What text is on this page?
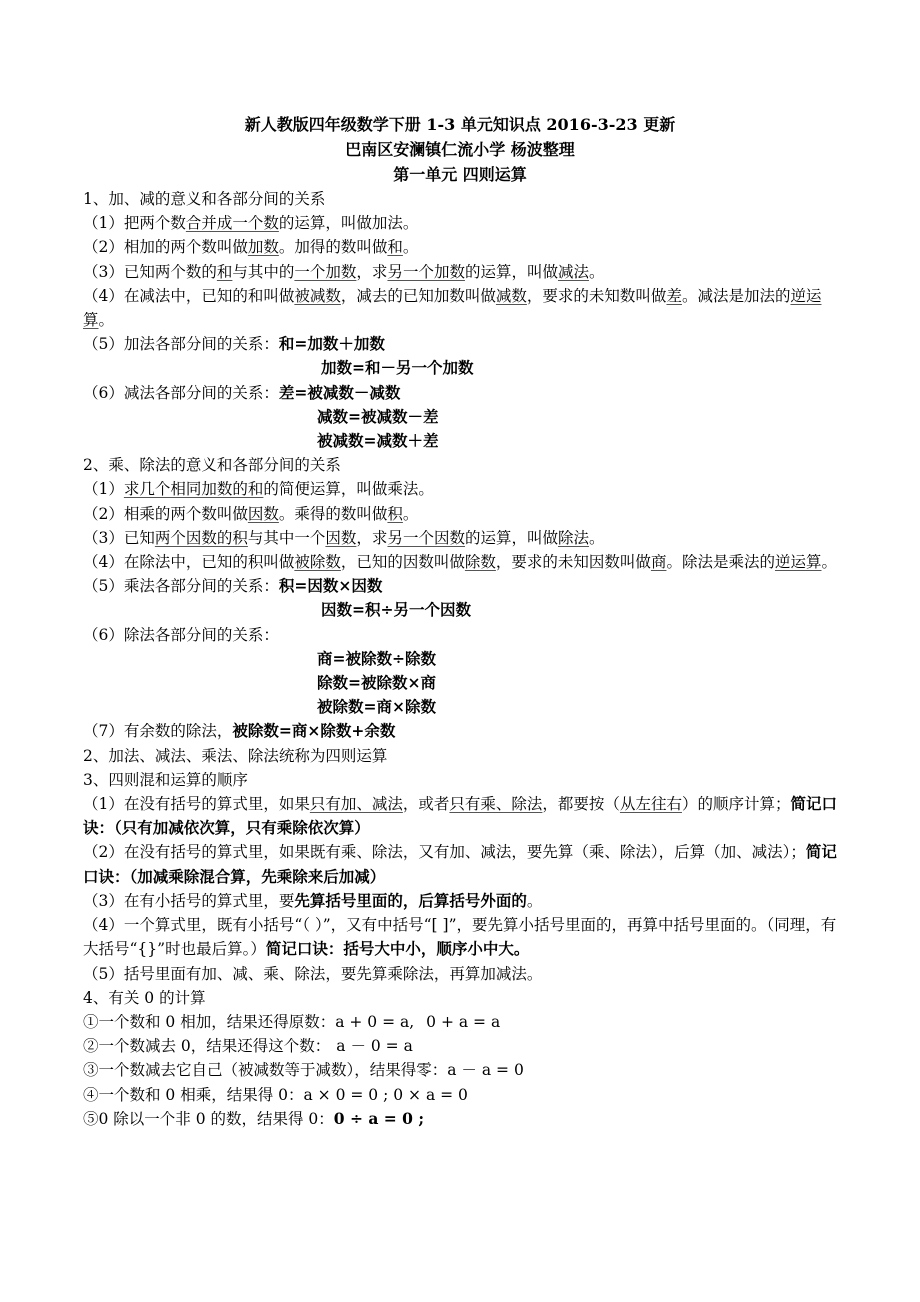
新人教版四年级数学下册 1-3 单元知识点 2016-3-23 更新
巴南区安澜镇仁流小学 杨波整理
第一单元 四则运算
1、加、减的意义和各部分间的关系
（1）把两个数合并成一个数的运算，叫做加法。
（2）相加的两个数叫做加数。加得的数叫做和。
（3）已知两个数的和与其中的一个加数，求另一个加数的运算，叫做减法。
（4）在减法中，已知的和叫做被减数，减去的已知加数叫做减数，要求的未知数叫做差。减法是加法的逆运算。
（5）加法各部分间的关系：和=加数＋加数
加数=和－另一个加数
（6）减法各部分间的关系：差=被减数－减数
减数=被减数－差
被减数=减数＋差
2、乘、除法的意义和各部分间的关系
（1）求几个相同加数的和的简便运算，叫做乘法。
（2）相乘的两个数叫做因数。乘得的数叫做积。
（3）已知两个因数的积与其中一个因数，求另一个因数的运算，叫做除法。
（4）在除法中，已知的积叫做被除数，已知的因数叫做除数，要求的未知因数叫做商。除法是乘法的逆运算。
（5）乘法各部分间的关系：积=因数×因数
因数=积÷另一个因数
（6）除法各部分间的关系：
商=被除数÷除数
除数=被除数×商
被除数=商×除数
（7）有余数的除法，被除数=商×除数+余数
2、加法、减法、乘法、除法统称为四则运算
3、四则混和运算的顺序
（1）在没有括号的算式里，如果只有加、减法，或者只有乘、除法，都要按（从左往右）的顺序计算；简记口诀：（只有加减依次算，只有乘除依次算）
（2）在没有括号的算式里，如果既有乘、除法，又有加、减法，要先算（乘、除法），后算（加、减法）；简记口诀：（加减乘除混合算，先乘除来后加减）
（3）在有小括号的算式里，要先算括号里面的，后算括号外面的。
（4）一个算式里，既有小括号“（ ）”，又有中括号“[ ]”，要先算小括号里面的，再算中括号里面的。（同理，有大括号“{}”时也最后算。）简记口诀：括号大中小，顺序小中大。
（5）括号里面有加、减、乘、除法，要先算乘除法，再算加减法。
4、有关 0 的计算
①一个数和 0 相加，结果还得原数：a + 0 = a, 0 + a = a
②一个数减去 0，结果还得这个数： a － 0 = a
③一个数减去它自己（被减数等于减数），结果得零：a － a = 0
④一个数和 0 相乘，结果得 0：a × 0 = 0 ; 0 × a = 0
⑤0 除以一个非 0 的数，结果得 0：0 ÷ a = 0 ;
